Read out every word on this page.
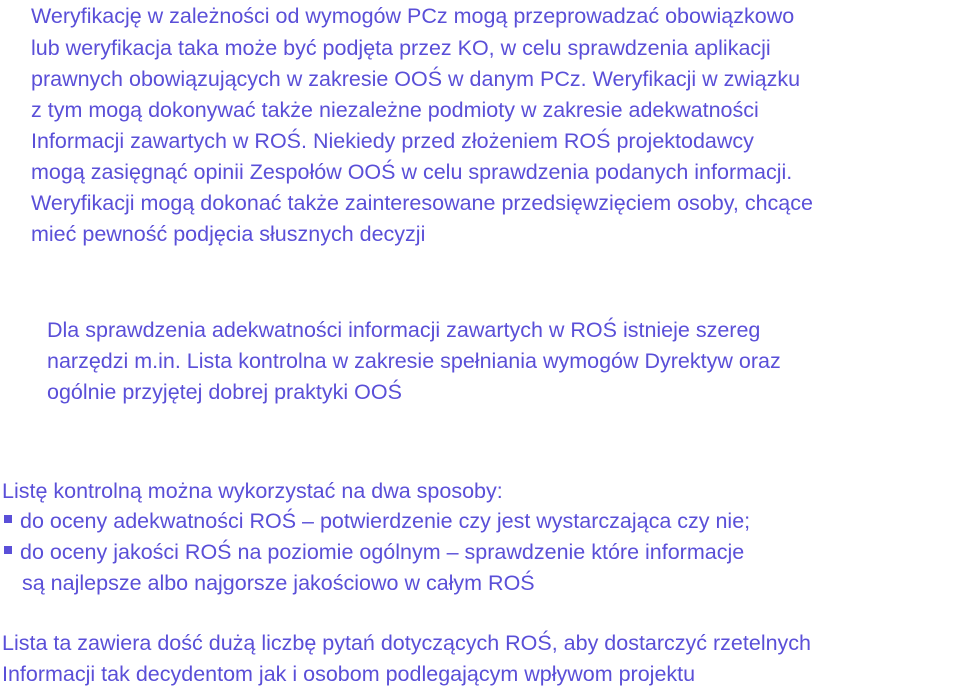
Weryfikację w zależności od wymogów PCz mogą przeprowadzać obowiązkowo
lub weryfikacja taka może być podjęta przez KO, w celu sprawdzenia aplikacji
prawnych obowiązujących w zakresie OOŚ w danym PCz. Weryfikacji w związku
z tym mogą dokonywać także niezależne podmioty w zakresie adekwatności
Informacji zawartych w ROŚ. Niekiedy przed złożeniem ROŚ projektodawcy
mogą zasięgnąć opinii Zespołów OOŚ w celu sprawdzenia podanych informacji.
Weryfikacji mogą dokonać także zainteresowane przedsięwzięciem osoby, chcące
mieć pewność podjęcia słusznych decyzji
Dla sprawdzenia adekwatności informacji zawartych w ROŚ istnieje szereg
narzędzi m.in. Lista kontrolna w zakresie spełniania wymogów Dyrektyw oraz
ogólnie przyjętej dobrej praktyki OOŚ
Listę kontrolną można wykorzystać na dwa sposoby:
do oceny adekwatności ROŚ – potwierdzenie czy jest wystarczająca czy nie;
do oceny jakości ROŚ na poziomie ogólnym – sprawdzenie które informacje
są najlepsze albo najgorsze jakościowo w całym ROŚ
Lista ta zawiera dość dużą liczbę pytań dotyczących ROŚ, aby dostarczyć rzetelnych
Informacji tak decydentom jak i osobom podlegającym wpływom projektu
